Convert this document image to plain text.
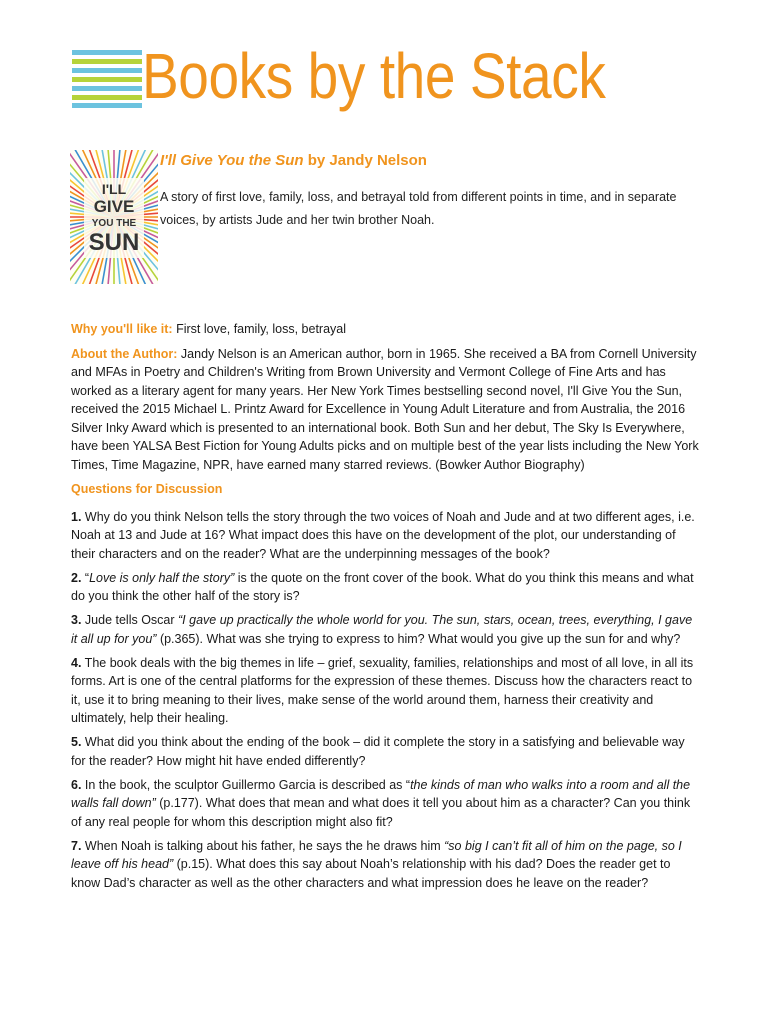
Books by the Stack
I'LL
GIVE
YOU THE
SUN
I'll Give You the Sun by Jandy Nelson
A story of first love, family, loss, and betrayal told from different points in time, and in separate voices, by artists Jude and her twin brother Noah.
Why you'll like it: First love, family, loss, betrayal
About the Author: Jandy Nelson is an American author, born in 1965. She received a BA from Cornell University and MFAs in Poetry and Children's Writing from Brown University and Vermont College of Fine Arts and has worked as a literary agent for many years. Her New York Times bestselling second novel, I'll Give You the Sun, received the 2015 Michael L. Printz Award for Excellence in Young Adult Literature and from Australia, the 2016 Silver Inky Award which is presented to an international book. Both Sun and her debut, The Sky Is Everywhere, have been YALSA Best Fiction for Young Adults picks and on multiple best of the year lists including the New York Times, Time Magazine, NPR, have earned many starred reviews. (Bowker Author Biography)
Questions for Discussion
1. Why do you think Nelson tells the story through the two voices of Noah and Jude and at two different ages, i.e. Noah at 13 and Jude at 16? What impact does this have on the development of the plot, our understanding of their characters and on the reader? What are the underpinning messages of the book?
2. “Love is only half the story” is the quote on the front cover of the book. What do you think this means and what do you think the other half of the story is?
3. Jude tells Oscar “I gave up practically the whole world for you. The sun, stars, ocean, trees, everything, I gave it all up for you” (p.365). What was she trying to express to him? What would you give up the sun for and why?
4. The book deals with the big themes in life – grief, sexuality, families, relationships and most of all love, in all its forms. Art is one of the central platforms for the expression of these themes. Discuss how the characters react to it, use it to bring meaning to their lives, make sense of the world around them, harness their creativity and ultimately, help their healing.
5. What did you think about the ending of the book – did it complete the story in a satisfying and believable way for the reader? How might hit have ended differently?
6. In the book, the sculptor Guillermo Garcia is described as “the kinds of man who walks into a room and all the walls fall down” (p.177). What does that mean and what does it tell you about him as a character? Can you think of any real people for whom this description might also fit?
7. When Noah is talking about his father, he says the he draws him “so big I can’t fit all of him on the page, so I leave off his head” (p.15). What does this say about Noah’s relationship with his dad? Does the reader get to know Dad’s character as well as the other characters and what impression does he leave on the reader?
